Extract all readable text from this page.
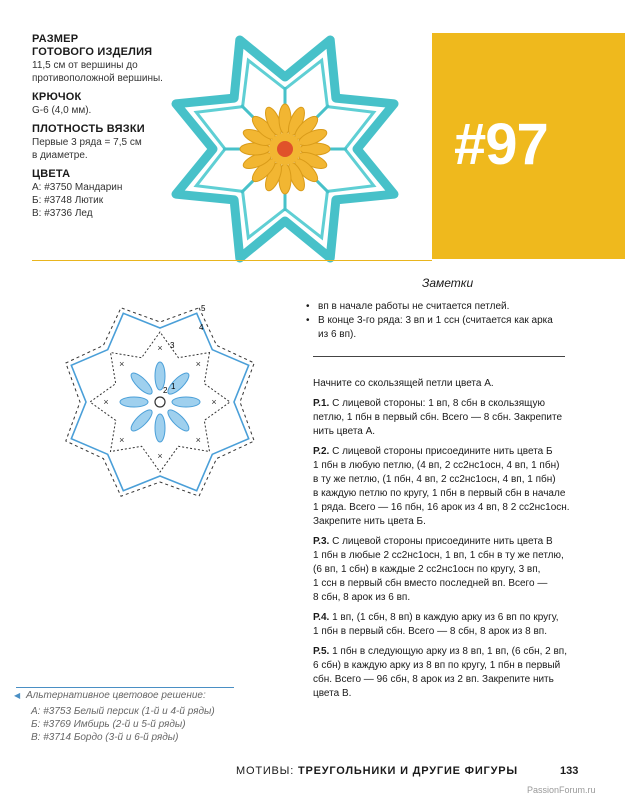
РАЗМЕР
ГОТОВОГО ИЗДЕЛИЯ
11,5 см от вершины до
противоположной вершины.
КРЮЧОК
G-6 (4,0 мм).
ПЛОТНОСТЬ ВЯЗКИ
Первые 3 ряда = 7,5 см
в диаметре.
ЦВЕТА
А: #3750 Мандарин
Б: #3748 Лютик
В: #3736 Лед
#97
×
×
×
×
×
×
×
×
1
2
3
4
5
Заметки
• вп в начале работы не считается петлей.
• В конце 3-го ряда: 3 вп и 1 ссн (считается как арка
из 6 вп).
Начните со скользящей петли цвета А.
Р.1. С лицевой стороны: 1 вп, 8 сбн в скользящую
петлю, 1 пбн в первый сбн. Всего — 8 сбн. Закрепите
нить цвета А.
Р.2. С лицевой стороны присоедините нить цвета Б
1 пбн в любую петлю, (4 вп, 2 сс2нс1осн, 4 вп, 1 пбн)
в ту же петлю, (1 пбн, 4 вп, 2 сс2нс1осн, 4 вп, 1 пбн)
в каждую петлю по кругу, 1 пбн в первый сбн в начале
1 ряда. Всего — 16 пбн, 16 арок из 4 вп, 8 2 сс2нс1осн.
Закрепите нить цвета Б.
Р.3. С лицевой стороны присоедините нить цвета В
1 пбн в любые 2 сс2нс1осн, 1 вп, 1 сбн в ту же петлю,
(6 вп, 1 сбн) в каждые 2 сс2нс1осн по кругу, 3 вп,
1 ссн в первый сбн вместо последней вп. Всего —
8 сбн, 8 арок из 6 вп.
Р.4. 1 вп, (1 сбн, 8 вп) в каждую арку из 6 вп по кругу,
1 пбн в первый сбн. Всего — 8 сбн, 8 арок из 8 вп.
Р.5. 1 пбн в следующую арку из 8 вп, 1 вп, (6 сбн, 2 вп,
6 сбн) в каждую арку из 8 вп по кругу, 1 пбн в первый
сбн. Всего — 96 сбн, 8 арок из 2 вп. Закрепите нить
цвета В.
◀ Альтернативное цветовое решение:
А: #3753 Белый персик (1-й и 4-й ряды)
Б: #3769 Имбирь (2-й и 5-й ряды)
В: #3714 Бордо (3-й и 6-й ряды)
МОТИВЫ: ТРЕУГОЛЬНИКИ И ДРУГИЕ ФИГУРЫ	133
PassionForum.ru
